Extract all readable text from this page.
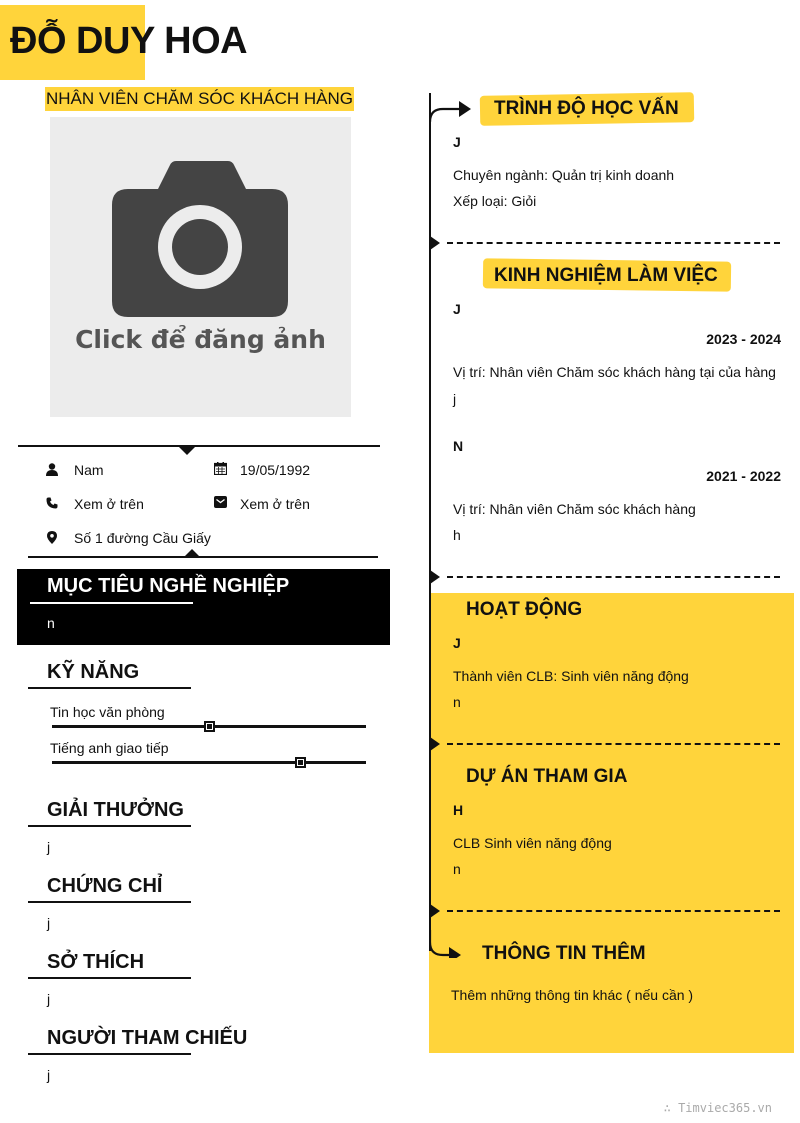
ĐỖ DUY HOA
NHÂN VIÊN CHĂM SÓC KHÁCH HÀNG
Click để đăng ảnh
Nam	19/05/1992
Xem ở trên	Xem ở trên
Số 1 đường Cầu Giấy
MỤC TIÊU NGHỀ NGHIỆP
n
KỸ NĂNG
Tin học văn phòng
Tiếng anh giao tiếp
GIẢI THƯỞNG
j
CHỨNG CHỈ
j
SỞ THÍCH
j
NGƯỜI THAM CHIẾU
j
TRÌNH ĐỘ HỌC VẤN
J
Chuyên ngành: Quản trị kinh doanh
Xếp loại: Giỏi
KINH NGHIỆM LÀM VIỆC
J
2023 - 2024
Vị trí: Nhân viên Chăm sóc khách hàng tại của hàng
j
N
2021 - 2022
Vị trí: Nhân viên Chăm sóc khách hàng
h
HOẠT ĐỘNG
J
Thành viên CLB: Sinh viên năng động
n
DỰ ÁN THAM GIA
H
CLB Sinh viên năng động
n
THÔNG TIN THÊM
Thêm những thông tin khác ( nếu cần )
∴ Timviec365.vn
